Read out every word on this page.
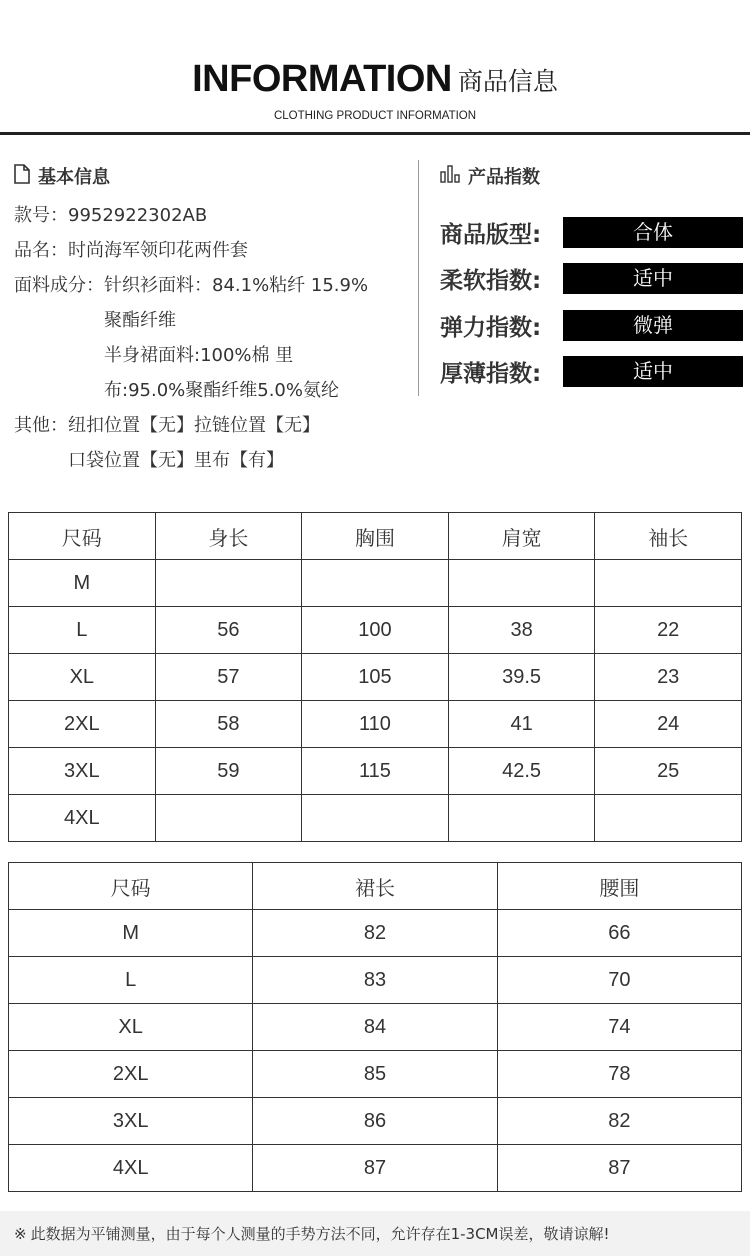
INFORMATION 商品信息
CLOTHING PRODUCT INFORMATION
基本信息
款号： 9952922302AB
品名： 时尚海军领印花两件套
面料成分： 针织衫面料：84.1%粘纤 15.9%
聚酯纤维
半身裙面料:100%棉 里
布:95.0%聚酯纤维5.0%氨纶
其他： 纽扣位置【无】拉链位置【无】
口袋位置【无】里布【有】
产品指数
商品版型:	合体
柔软指数:	适中
弹力指数:	微弹
厚薄指数:	适中
尺码	身长	胸围	肩宽	袖长
M				
L	56	100	38	22
XL	57	105	39.5	23
2XL	58	110	41	24
3XL	59	115	42.5	25
4XL				
尺码	裙长	腰围
M	82	66
L	83	70
XL	84	74
2XL	85	78
3XL	86	82
4XL	87	87
※ 此数据为平铺测量，由于每个人测量的手势方法不同，允许存在1-3CM误差，敬请谅解!
